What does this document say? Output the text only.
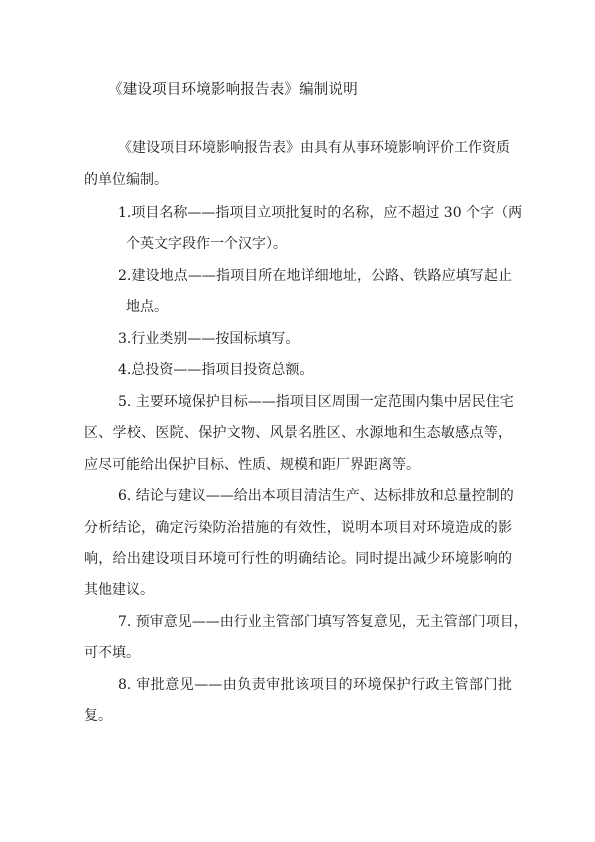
《建设项目环境影响报告表》编制说明
《建设项目环境影响报告表》由具有从事环境影响评价工作资质
的单位编制。
1.项目名称——指项目立项批复时的名称，应不超过 30 个字（两
个英文字段作一个汉字）。
2.建设地点——指项目所在地详细地址，公路、铁路应填写起止
地点。
3.行业类别——按国标填写。
4.总投资——指项目投资总额。
5. 主要环境保护目标——指项目区周围一定范围内集中居民住宅
区、学校、医院、保护文物、风景名胜区、水源地和生态敏感点等，
应尽可能给出保护目标、性质、规模和距厂界距离等。
6. 结论与建议——给出本项目清洁生产、达标排放和总量控制的
分析结论，确定污染防治措施的有效性，说明本项目对环境造成的影
响，给出建设项目环境可行性的明确结论。同时提出减少环境影响的
其他建议。
7. 预审意见——由行业主管部门填写答复意见，无主管部门项目，
可不填。
8. 审批意见——由负责审批该项目的环境保护行政主管部门批
复。
